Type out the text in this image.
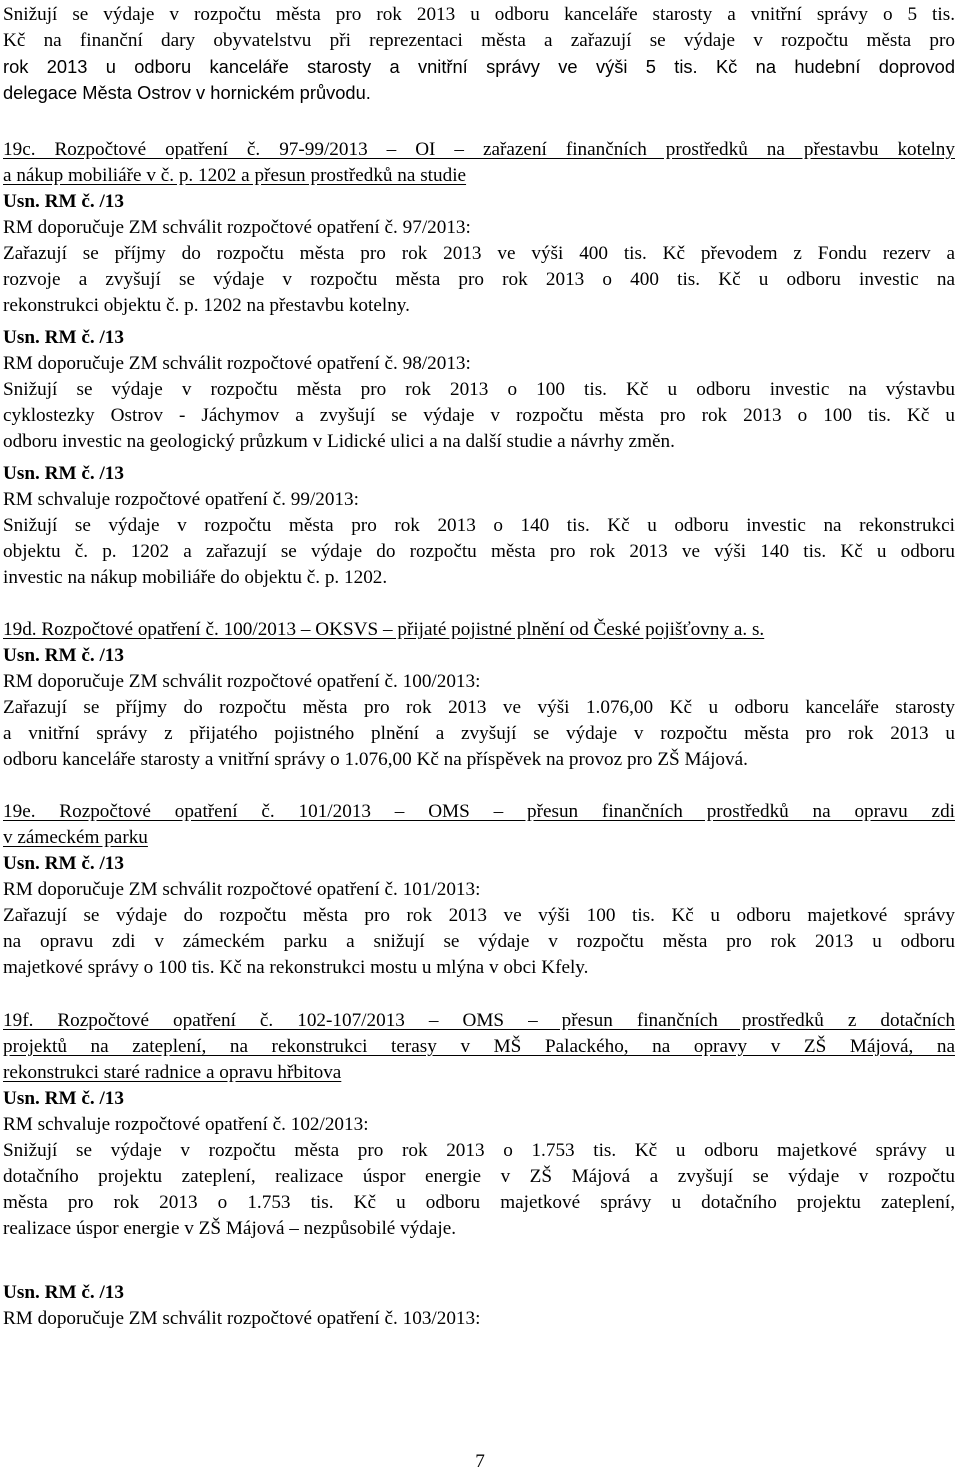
Snižují se výdaje v rozpočtu města pro rok 2013 u odboru kanceláře starosty a vnitřní správy o 5 tis.
Kč na finanční dary obyvatelstvu při reprezentaci města a zařazují se výdaje v rozpočtu města pro
rok 2013 u odboru kanceláře starosty a vnitřní správy ve výši 5 tis. Kč na hudební doprovod
delegace Města Ostrov v hornickém průvodu.
19c. Rozpočtové opatření č. 97-99/2013 – OI – zařazení finančních prostředků na přestavbu kotelny
a nákup mobiliáře v č. p. 1202 a přesun prostředků na studie
Usn. RM č. /13
RM doporučuje ZM schválit rozpočtové opatření č. 97/2013:
Zařazují se příjmy do rozpočtu města pro rok 2013 ve výši 400 tis. Kč převodem z Fondu rezerv a
rozvoje a zvyšují se výdaje v rozpočtu města pro rok 2013 o 400 tis. Kč u odboru investic na
rekonstrukci objektu č. p. 1202 na přestavbu kotelny.
Usn. RM č. /13
RM doporučuje ZM schválit rozpočtové opatření č. 98/2013:
Snižují se výdaje v rozpočtu města pro rok 2013 o 100 tis. Kč u odboru investic na výstavbu
cyklostezky Ostrov - Jáchymov a zvyšují se výdaje v rozpočtu města pro rok 2013 o 100 tis. Kč u
odboru investic na geologický průzkum v Lidické ulici a na další studie a návrhy změn.
Usn. RM č. /13
RM schvaluje rozpočtové opatření č. 99/2013:
Snižují se výdaje v rozpočtu města pro rok 2013 o 140 tis. Kč u odboru investic na rekonstrukci
objektu č. p. 1202 a zařazují se výdaje do rozpočtu města pro rok 2013 ve výši 140 tis. Kč u odboru
investic na nákup mobiliáře do objektu č. p. 1202.
19d. Rozpočtové opatření č. 100/2013 – OKSVS – přijaté pojistné plnění od České pojišťovny a. s.
Usn. RM č. /13
RM doporučuje ZM schválit rozpočtové opatření č. 100/2013:
Zařazují se příjmy do rozpočtu města pro rok 2013 ve výši 1.076,00 Kč u odboru kanceláře starosty
a vnitřní správy z přijatého pojistného plnění a zvyšují se výdaje v rozpočtu města pro rok 2013 u
odboru kanceláře starosty a vnitřní správy o 1.076,00 Kč na příspěvek na provoz pro ZŠ Májová.
19e. Rozpočtové opatření č. 101/2013 – OMS – přesun finančních prostředků na opravu zdi
v zámeckém parku
Usn. RM č. /13
RM doporučuje ZM schválit rozpočtové opatření č. 101/2013:
Zařazují se výdaje do rozpočtu města pro rok 2013 ve výši 100 tis. Kč u odboru majetkové správy
na opravu zdi v zámeckém parku a snižují se výdaje v rozpočtu města pro rok 2013 u odboru
majetkové správy o 100 tis. Kč na rekonstrukci mostu u mlýna v obci Kfely.
19f. Rozpočtové opatření č. 102-107/2013 – OMS – přesun finančních prostředků z dotačních
projektů na zateplení, na rekonstrukci terasy v MŠ Palackého, na opravy v ZŠ Májová, na
rekonstrukci staré radnice a opravu hřbitova
Usn. RM č. /13
RM schvaluje rozpočtové opatření č. 102/2013:
Snižují se výdaje v rozpočtu města pro rok 2013 o 1.753 tis. Kč u odboru majetkové správy u
dotačního projektu zateplení, realizace úspor energie v ZŠ Májová a zvyšují se výdaje v rozpočtu
města pro rok 2013 o 1.753 tis. Kč u odboru majetkové správy u dotačního projektu zateplení,
realizace úspor energie v ZŠ Májová – nezpůsobilé výdaje.
Usn. RM č. /13
RM doporučuje ZM schválit rozpočtové opatření č. 103/2013:
7
